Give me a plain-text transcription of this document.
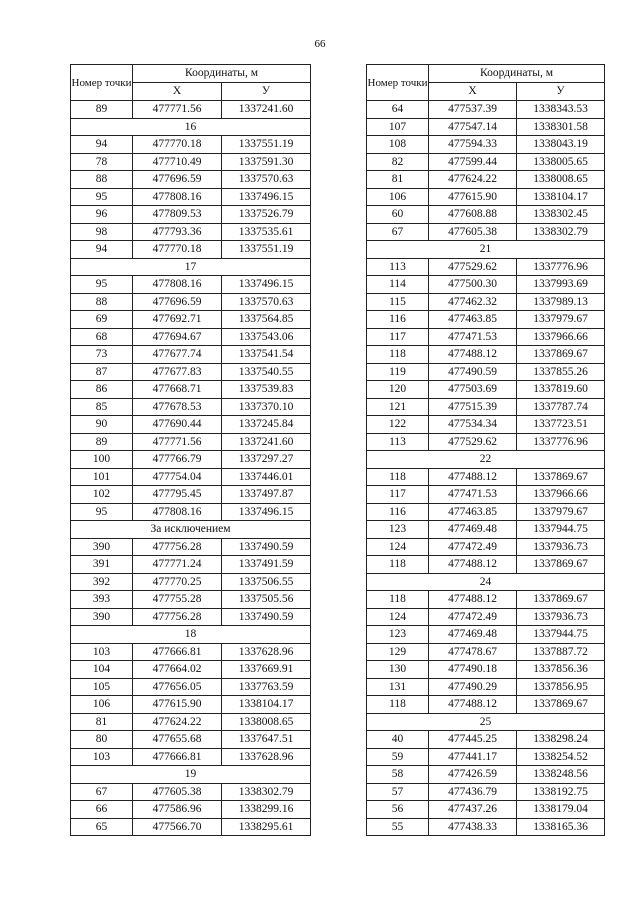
66
Номер точки	Координаты, м	
	X	У
89	477771.56	1337241.60
16		
94	477770.18	1337551.19
78	477710.49	1337591.30
88	477696.59	1337570.63
95	477808.16	1337496.15
96	477809.53	1337526.79
98	477793.36	1337535.61
94	477770.18	1337551.19
17		
95	477808.16	1337496.15
88	477696.59	1337570.63
69	477692.71	1337564.85
68	477694.67	1337543.06
73	477677.74	1337541.54
87	477677.83	1337540.55
86	477668.71	1337539.83
85	477678.53	1337370.10
90	477690.44	1337245.84
89	477771.56	1337241.60
100	477766.79	1337297.27
101	477754.04	1337446.01
102	477795.45	1337497.87
95	477808.16	1337496.15
За исключением		
390	477756.28	1337490.59
391	477771.24	1337491.59
392	477770.25	1337506.55
393	477755.28	1337505.56
390	477756.28	1337490.59
18		
103	477666.81	1337628.96
104	477664.02	1337669.91
105	477656.05	1337763.59
106	477615.90	1338104.17
81	477624.22	1338008.65
80	477655.68	1337647.51
103	477666.81	1337628.96
19		
67	477605.38	1338302.79
66	477586.96	1338299.16
65	477566.70	1338295.61
Номер точки	Координаты, м	
	X	У
64	477537.39	1338343.53
107	477547.14	1338301.58
108	477594.33	1338043.19
82	477599.44	1338005.65
81	477624.22	1338008.65
106	477615.90	1338104.17
60	477608.88	1338302.45
67	477605.38	1338302.79
21		
113	477529.62	1337776.96
114	477500.30	1337993.69
115	477462.32	1337989.13
116	477463.85	1337979.67
117	477471.53	1337966.66
118	477488.12	1337869.67
119	477490.59	1337855.26
120	477503.69	1337819.60
121	477515.39	1337787.74
122	477534.34	1337723.51
113	477529.62	1337776.96
22		
118	477488.12	1337869.67
117	477471.53	1337966.66
116	477463.85	1337979.67
123	477469.48	1337944.75
124	477472.49	1337936.73
118	477488.12	1337869.67
24		
118	477488.12	1337869.67
124	477472.49	1337936.73
123	477469.48	1337944.75
129	477478.67	1337887.72
130	477490.18	1337856.36
131	477490.29	1337856.95
118	477488.12	1337869.67
25		
40	477445.25	1338298.24
59	477441.17	1338254.52
58	477426.59	1338248.56
57	477436.79	1338192.75
56	477437.26	1338179.04
55	477438.33	1338165.36
